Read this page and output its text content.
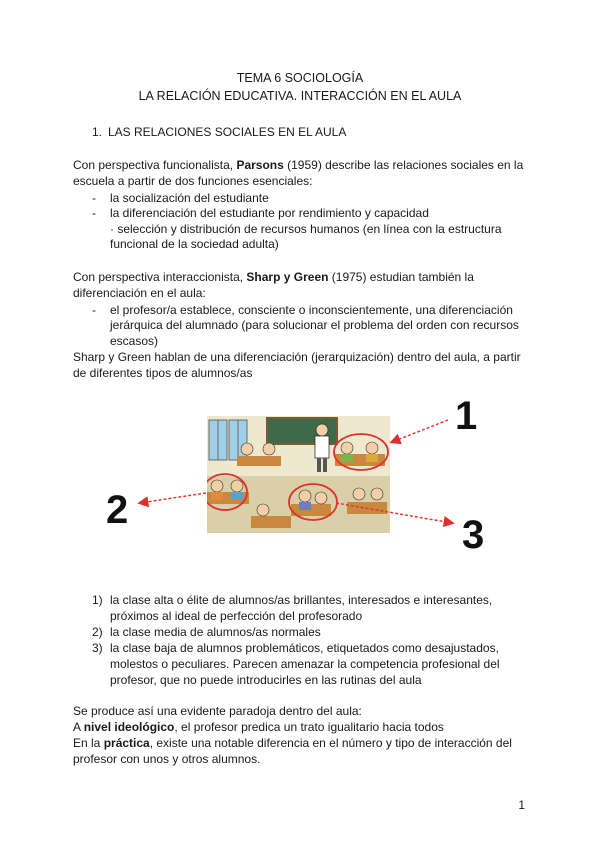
TEMA 6 SOCIOLOGÍA
LA RELACIÓN EDUCATIVA. INTERACCIÓN EN EL AULA
1. LAS RELACIONES SOCIALES EN EL AULA
Con perspectiva funcionalista, Parsons (1959) describe las relaciones sociales en la
escuela a partir de dos funciones esenciales:
- la socialización del estudiante
- la diferenciación del estudiante por rendimiento y capacidad
· selección y distribución de recursos humanos (en línea con la estructura
funcional de la sociedad adulta)
Con perspectiva interaccionista, Sharp y Green (1975) estudian también la
diferenciación en el aula:
- el profesor/a establece, consciente o inconscientemente, una diferenciación
jerárquica del alumnado (para solucionar el problema del orden con recursos
escasos)
Sharp y Green hablan de una diferenciación (jerarquización) dentro del aula, a partir
de diferentes tipos de alumnos/as
1
2
3
1) la clase alta o élite de alumnos/as brillantes, interesados e interesantes,
próximos al ideal de perfección del profesorado
2) la clase media de alumnos/as normales
3) la clase baja de alumnos problemáticos, etiquetados como desajustados,
molestos o peculiares. Parecen amenazar la competencia profesional del
profesor, que no puede introducirles en las rutinas del aula
Se produce así una evidente paradoja dentro del aula:
A nivel ideológico, el profesor predica un trato igualitario hacia todos
En la práctica, existe una notable diferencia en el número y tipo de interacción del
profesor con unos y otros alumnos.
1
